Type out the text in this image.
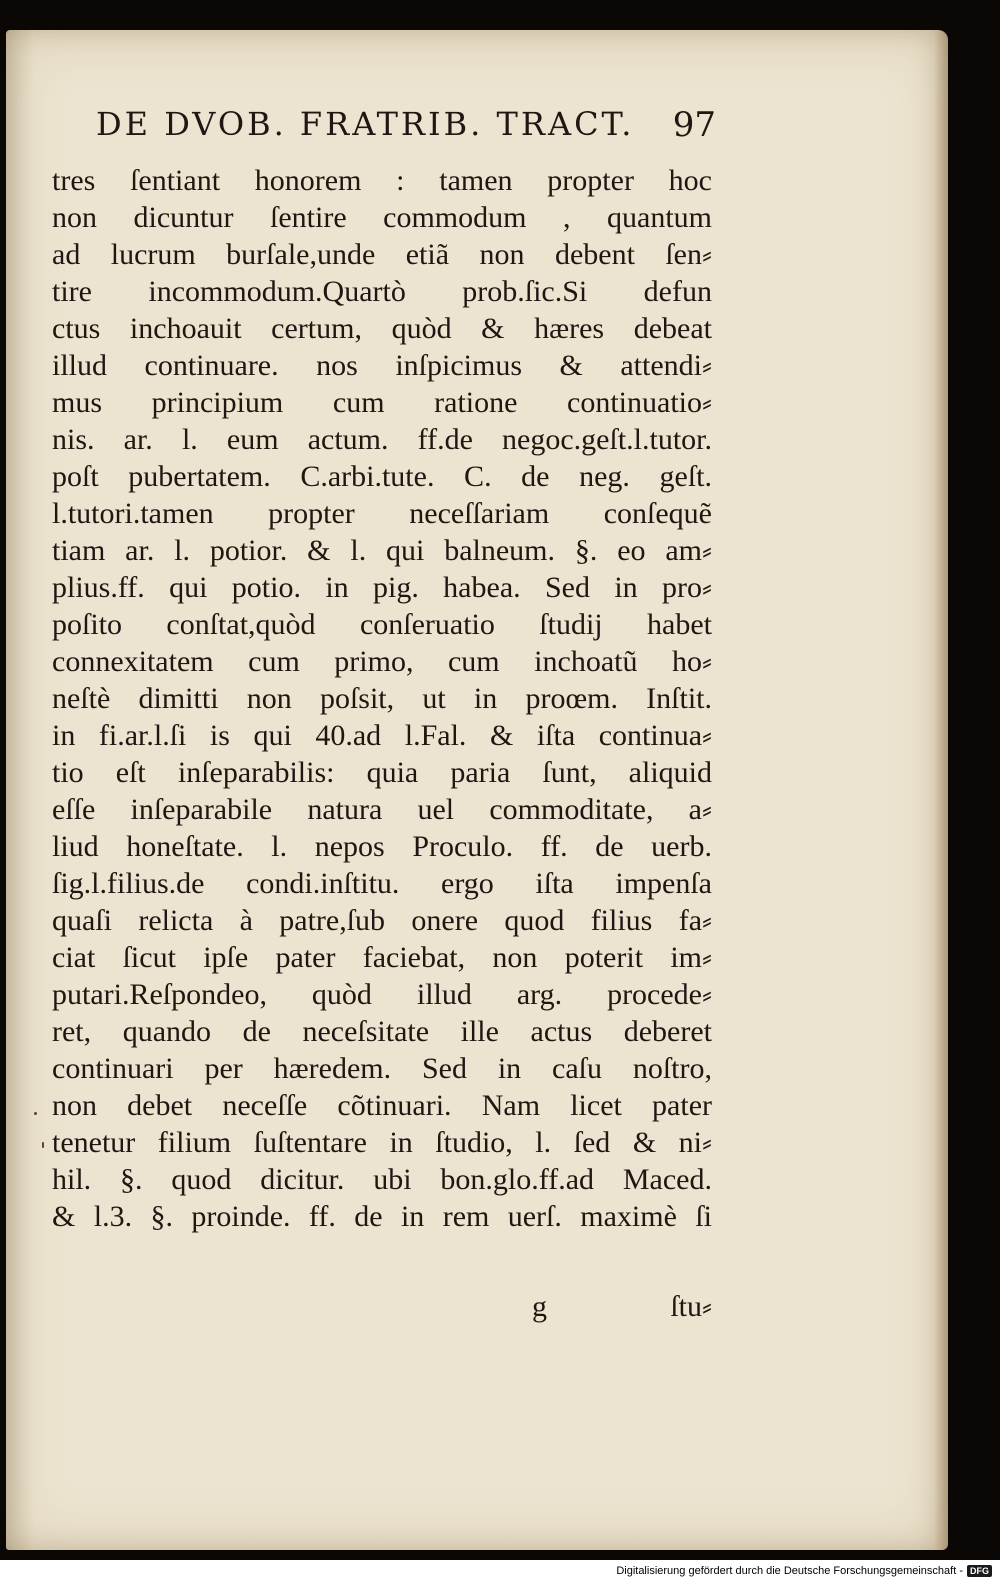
DE DVOB. FRATRIB. TRACT. 97
tres ſentiant honorem : tamen propter hoc
non dicuntur ſentire commodum , quantum
ad lucrum burſale,unde etiã non debent ſen⸗
tire incommodum.Quartò prob.ſic.Si defun
ctus inchoauit certum, quòd & hæres debeat
illud continuare. nos inſpicimus & attendi⸗
mus principium cum ratione continuatio⸗
nis. ar. l. eum actum. ff.de negoc.geſt.l.tutor.
poſt pubertatem. C.arbi.tute. C. de neg. geſt.
l.tutori.tamen propter neceſſariam conſequẽ
tiam ar. l. potior. & l. qui balneum. §. eo am⸗
plius.ff. qui potio. in pig. habea. Sed in pro⸗
poſito conſtat,quòd conſeruatio ſtudij habet
connexitatem cum primo, cum inchoatũ ho⸗
neſtè dimitti non poſsit, ut in proœm. Inſtit.
in fi.ar.l.ſi is qui 40.ad l.Fal. & iſta continua⸗
tio eſt inſeparabilis: quia paria ſunt, aliquid
eſſe inſeparabile natura uel commoditate, a⸗
liud honeſtate. l. nepos Proculo. ff. de uerb.
ſig.l.filius.de condi.inſtitu. ergo iſta impenſa
quaſi relicta à patre,ſub onere quod filius fa⸗
ciat ſicut ipſe pater faciebat, non poterit im⸗
putari.Reſpondeo, quòd illud arg. procede⸗
ret, quando de neceſsitate ille actus deberet
continuari per hæredem. Sed in caſu noſtro,
non debet neceſſe cõtinuari. Nam licet pater
tenetur filium ſuſtentare in ſtudio, l. ſed & ni⸗
hil. §. quod dicitur. ubi bon.glo.ff.ad Maced.
& l.3. §. proinde. ff. de in rem uerſ. maximè ſi
g	ſtu⸗
Digitalisierung gefördert durch die Deutsche Forschungsgemeinschaft - DFG
